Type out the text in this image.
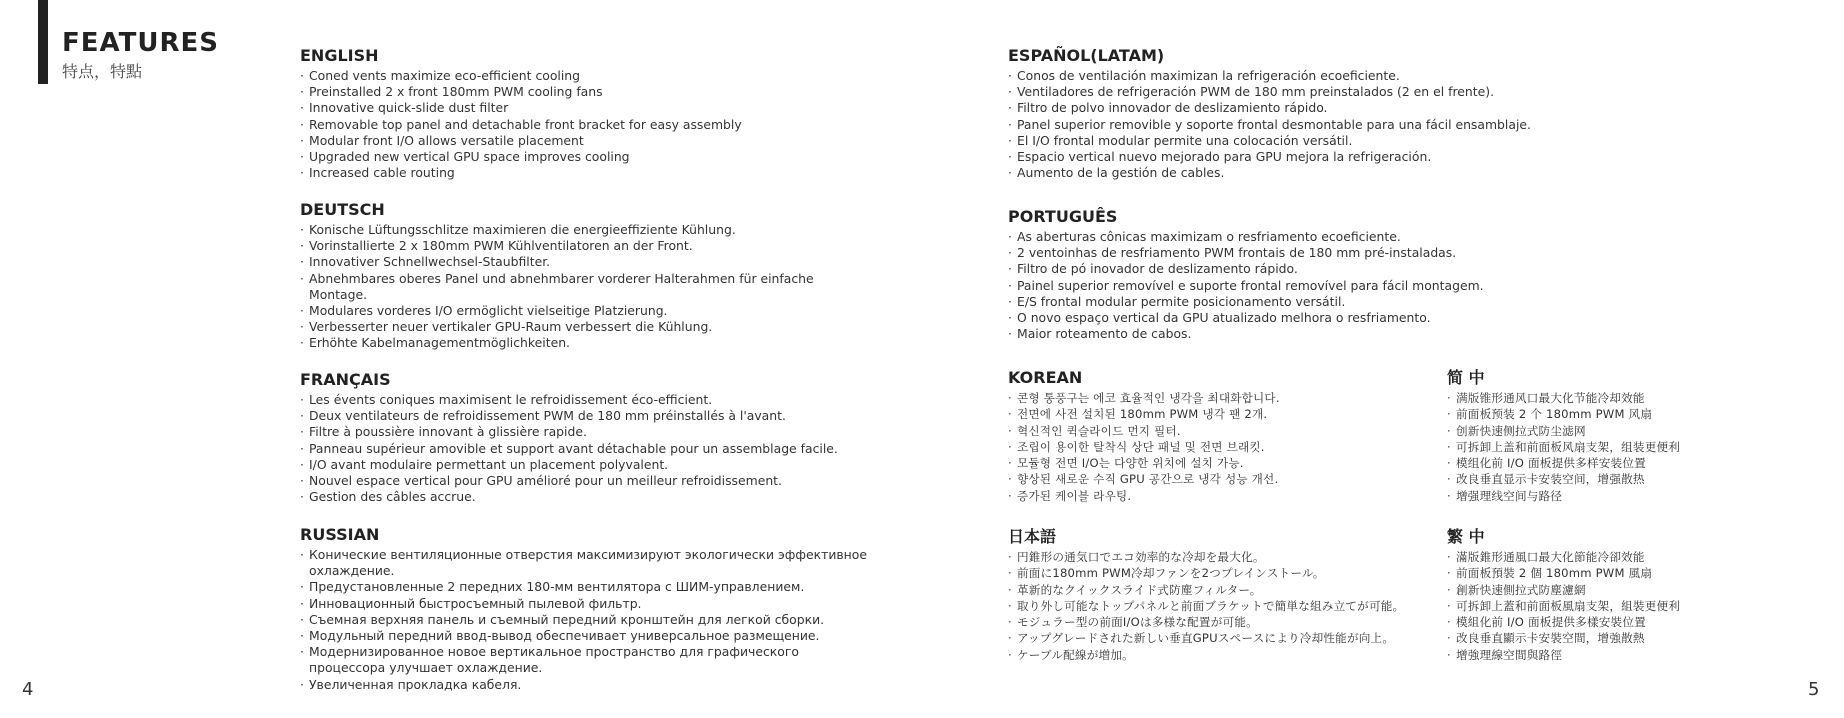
FEATURES
特点，特點
ENGLISH
· Coned vents maximize eco-efficient cooling
· Preinstalled 2 x front 180mm PWM cooling fans
· Innovative quick-slide dust filter
· Removable top panel and detachable front bracket for easy assembly
· Modular front I/O allows versatile placement
· Upgraded new vertical GPU space improves cooling
· Increased cable routing
DEUTSCH
· Konische Lüftungsschlitze maximieren die energieeffiziente Kühlung.
· Vorinstallierte 2 x 180mm PWM Kühlventilatoren an der Front.
· Innovativer Schnellwechsel-Staubfilter.
· Abnehmbares oberes Panel und abnehmbarer vorderer Halterahmen für einfache Montage.
· Modulares vorderes I/O ermöglicht vielseitige Platzierung.
· Verbesserter neuer vertikaler GPU-Raum verbessert die Kühlung.
· Erhöhte Kabelmanagementmöglichkeiten.
FRANÇAIS
· Les évents coniques maximisent le refroidissement éco-efficient.
· Deux ventilateurs de refroidissement PWM de 180 mm préinstallés à l'avant.
· Filtre à poussière innovant à glissière rapide.
· Panneau supérieur amovible et support avant détachable pour un assemblage facile.
· I/O avant modulaire permettant un placement polyvalent.
· Nouvel espace vertical pour GPU amélioré pour un meilleur refroidissement.
· Gestion des câbles accrue.
RUSSIAN
· Конические вентиляционные отверстия максимизируют экологически эффективное охлаждение.
· Предустановленные 2 передних 180-мм вентилятора с ШИМ-управлением.
· Инновационный быстросъемный пылевой фильтр.
· Съемная верхняя панель и съемный передний кронштейн для легкой сборки.
· Модульный передний ввод-вывод обеспечивает универсальное размещение.
· Модернизированное новое вертикальное пространство для графического процессора улучшает охлаждение.
· Увеличенная прокладка кабеля.
ESPAÑOL(LATAM)
· Conos de ventilación maximizan la refrigeración ecoeficiente.
· Ventiladores de refrigeración PWM de 180 mm preinstalados (2 en el frente).
· Filtro de polvo innovador de deslizamiento rápido.
· Panel superior removible y soporte frontal desmontable para una fácil ensamblaje.
· El I/O frontal modular permite una colocación versátil.
· Espacio vertical nuevo mejorado para GPU mejora la refrigeración.
· Aumento de la gestión de cables.
PORTUGUÊS
· As aberturas cônicas maximizam o resfriamento ecoeficiente.
· 2 ventoinhas de resfriamento PWM frontais de 180 mm pré-instaladas.
· Filtro de pó inovador de deslizamento rápido.
· Painel superior removível e suporte frontal removível para fácil montagem.
· E/S frontal modular permite posicionamento versátil.
· O novo espaço vertical da GPU atualizado melhora o resfriamento.
· Maior roteamento de cabos.
KOREAN
· 콘형 통풍구는 에코 효율적인 냉각을 최대화합니다.
· 전면에 사전 설치된 180mm PWM 냉각 팬 2개.
· 혁신적인 퀵슬라이드 먼지 필터.
· 조립이 용이한 탈착식 상단 패널 및 전면 브래킷.
· 모듈형 전면 I/O는 다양한 위치에 설치 가능.
· 향상된 새로운 수직 GPU 공간으로 냉각 성능 개선.
· 증가된 케이블 라우팅.
简 中
· 满版锥形通风口最大化节能冷却效能
· 前面板预装 2 个 180mm PWM 风扇
· 创新快速侧拉式防尘滤网
· 可拆卸上盖和前面板风扇支架，组装更便利
· 模组化前 I/O 面板提供多样安装位置
· 改良垂直显示卡安装空间，增强散热
· 增强理线空间与路径
日本語
· 円錐形の通気口でエコ効率的な冷却を最大化。
· 前面に180mm PWM冷却ファンを2つプレインストール。
· 革新的なクイックスライド式防塵フィルター。
· 取り外し可能なトップパネルと前面ブラケットで簡単な組み立てが可能。
· モジュラー型の前面I/Oは多様な配置が可能。
· アップグレードされた新しい垂直GPUスペースにより冷却性能が向上。
· ケーブル配線が増加。
繁 中
· 滿版錐形通風口最大化節能冷卻效能
· 前面板預裝 2 個 180mm PWM 風扇
· 創新快速側拉式防塵濾網
· 可拆卸上蓋和前面板風扇支架，組裝更便利
· 模組化前 I/O 面板提供多樣安裝位置
· 改良垂直顯示卡安裝空間，增強散熱
· 增強理線空間與路徑
4	5
